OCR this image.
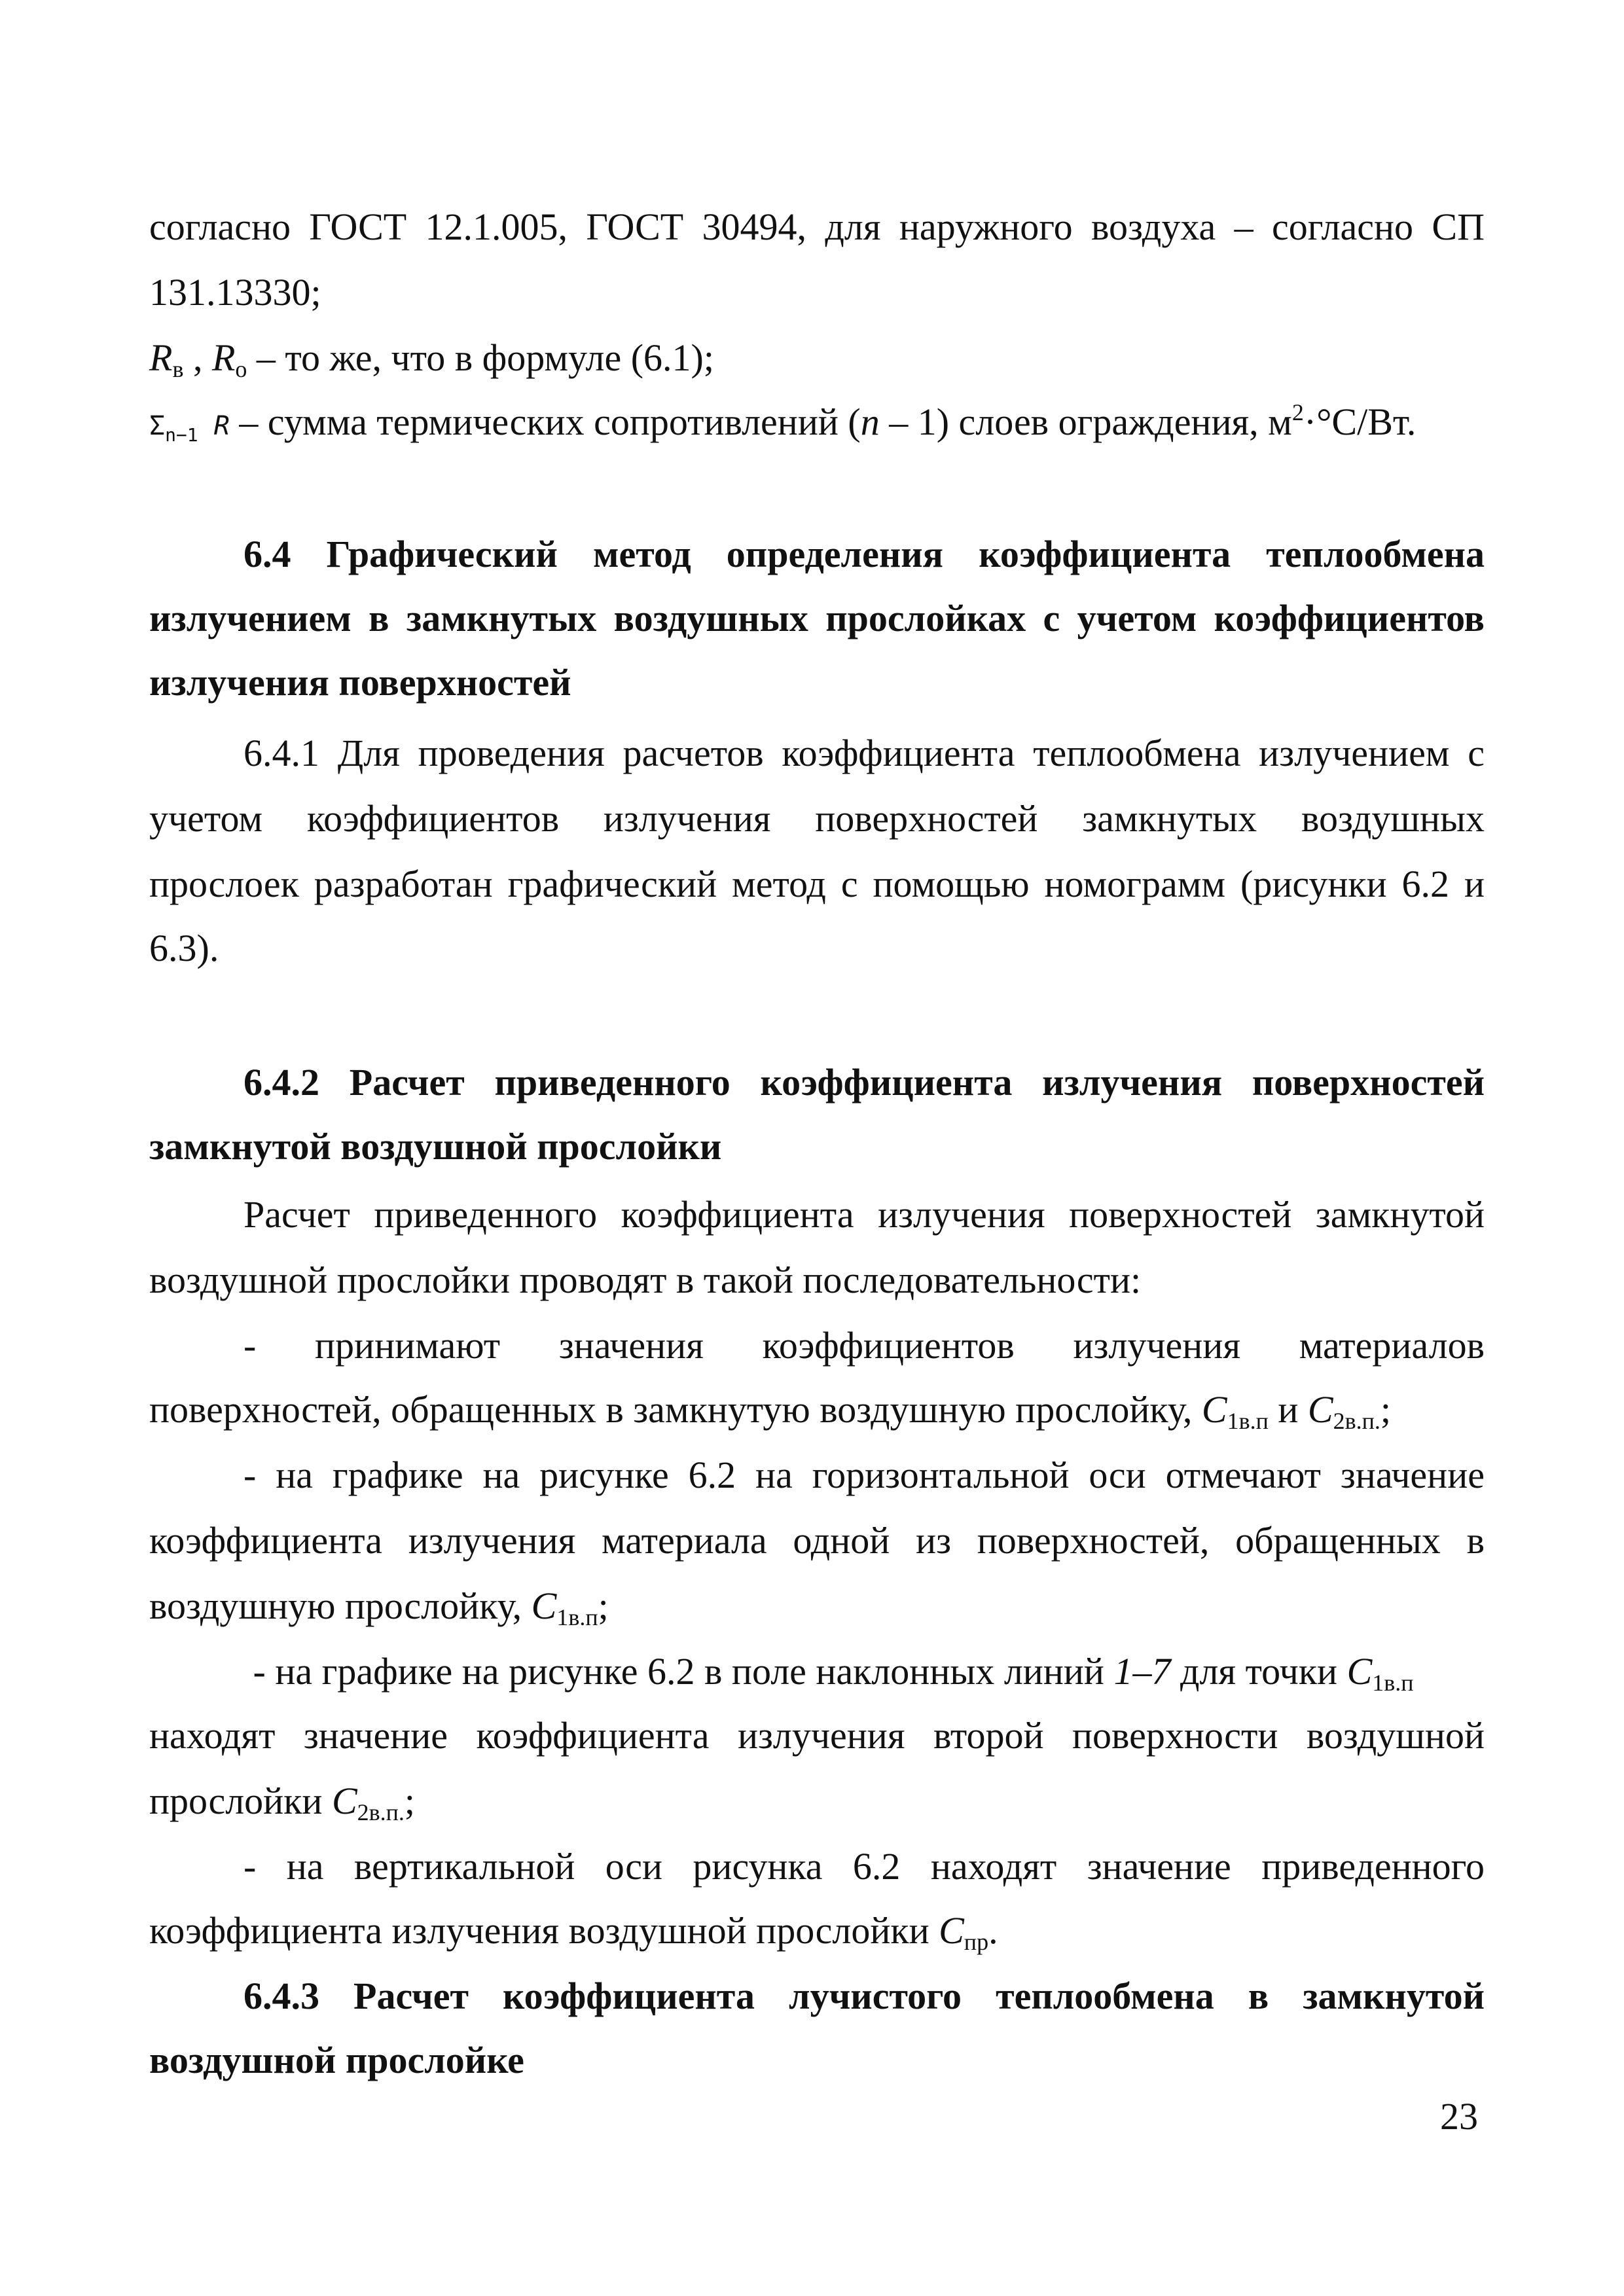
согласно ГОСТ 12.1.005, ГОСТ 30494, для наружного воздуха – согласно СП
131.13330;
$R_в$ , $R_о$ – то же, что в формуле (6.1);
$\Sigma_{n-1}$ R – сумма термических сопротивлений (n – 1) слоев ограждения, $м^2\cdot^\circ С/Вт$.
6.4 Графический метод определения коэффициента теплообмена
излучением в замкнутых воздушных прослойках с учетом коэффициентов
излучения поверхностей
6.4.1 Для проведения расчетов коэффициента теплообмена излучением с
учетом коэффициентов излучения поверхностей замкнутых воздушных
прослоек разработан графический метод с помощью номограмм (рисунки 6.2 и
6.3).
6.4.2 Расчет приведенного коэффициента излучения поверхностей
замкнутой воздушной прослойки
Расчет приведенного коэффициента излучения поверхностей замкнутой
воздушной прослойки проводят в такой последовательности:
- принимают значения коэффициентов излучения материалов
поверхностей, обращенных в замкнутую воздушную прослойку, $C_{1в.п}$ и $C_{2в.п.}$;
- на графике на рисунке 6.2 на горизонтальной оси отмечают значение
коэффициента излучения материала одной из поверхностей, обращенных в
воздушную прослойку, $C_{1в.п}$;
- на графике на рисунке 6.2 в поле наклонных линий 1–7 для точки $C_{1в.п}$
находят значение коэффициента излучения второй поверхности воздушной
прослойки $C_{2в.п.}$;
- на вертикальной оси рисунка 6.2 находят значение приведенного
коэффициента излучения воздушной прослойки $C_{пр}$.
6.4.3 Расчет коэффициента лучистого теплообмена в замкнутой
воздушной прослойке
23
